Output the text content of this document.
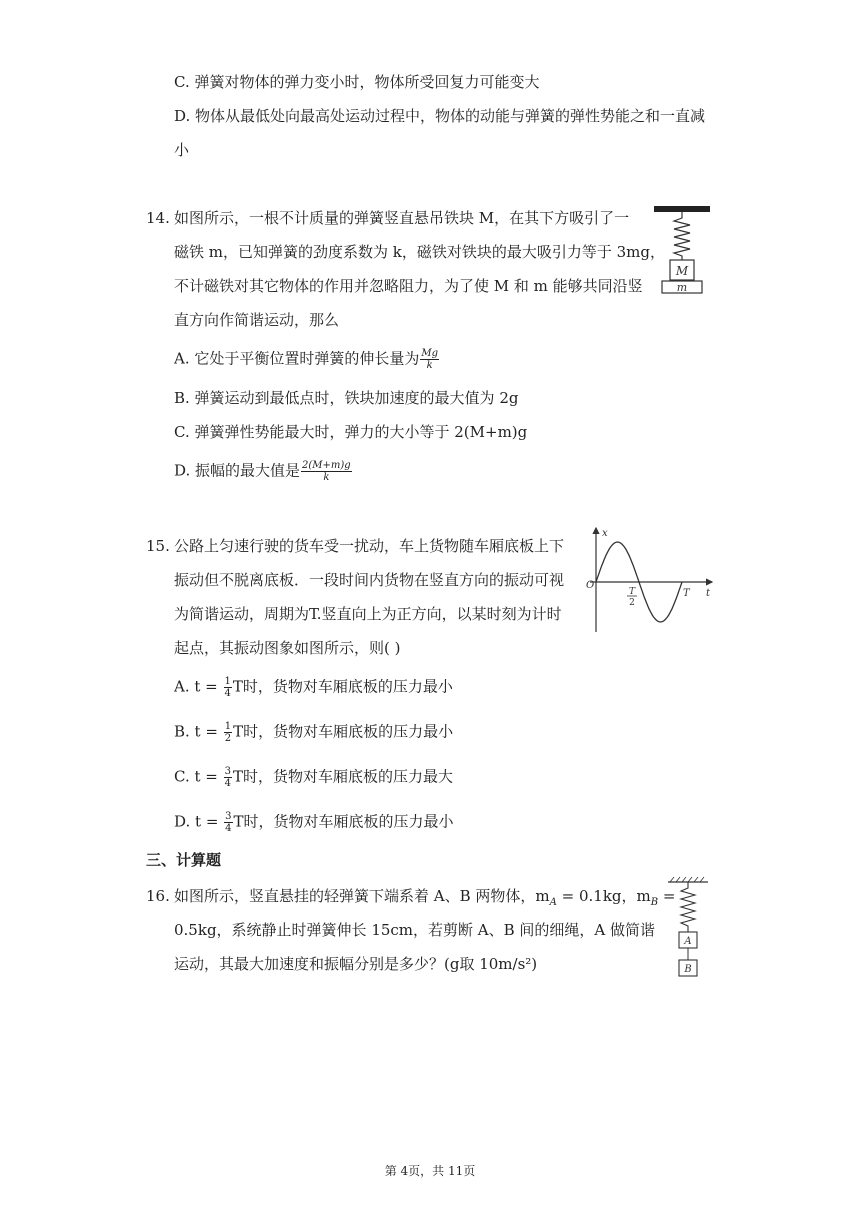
C. 弹簧对物体的弹力变小时，物体所受回复力可能变大
D. 物体从最低处向最高处运动过程中，物体的动能与弹簧的弹性势能之和一直减
小
14. 如图所示，一根不计质量的弹簧竖直悬吊铁块 M，在其下方吸引了一
磁铁 m，已知弹簧的劲度系数为 k，磁铁对铁块的最大吸引力等于 3mg，
不计磁铁对其它物体的作用并忽略阻力，为了使 M 和 m 能够共同沿竖
直方向作简谐运动，那么
A. 它处于平衡位置时弹簧的伸长量为 $\frac{Mg}{k}$
B. 弹簧运动到最低点时，铁块加速度的最大值为 2g
C. 弹簧弹性势能最大时，弹力的大小等于 2(M+m)g
D. 振幅的最大值是 $\frac{2(M+m)g}{k}$
M
m
15. 公路上匀速行驶的货车受一扰动，车上货物随车厢底板上下
振动但不脱离底板．一段时间内货物在竖直方向的振动可视
为简谐运动，周期为T.竖直向上为正方向，以某时刻为计时
起点，其振动图象如图所示，则( )
A. $t = \frac{1}{4}$ T时，货物对车厢底板的压力最小
B. $t = \frac{1}{2}$ T时，货物对车厢底板的压力最小
C. $t = \frac{3}{4}$ T时，货物对车厢底板的压力最大
D. $t = \frac{3}{4}$ T时，货物对车厢底板的压力最小
x
t
O
T
2
T
三、计算题
16. 如图所示，竖直悬挂的轻弹簧下端系着 A、B 两物体，$m_A = 0.1kg$，$m_B$ =
0.5kg，系统静止时弹簧伸长 15cm，若剪断 A、B 间的细绳，A 做简谐
运动，其最大加速度和振幅分别是多少？(g取 10m/s²)
A
B
第 4页，共 11页
